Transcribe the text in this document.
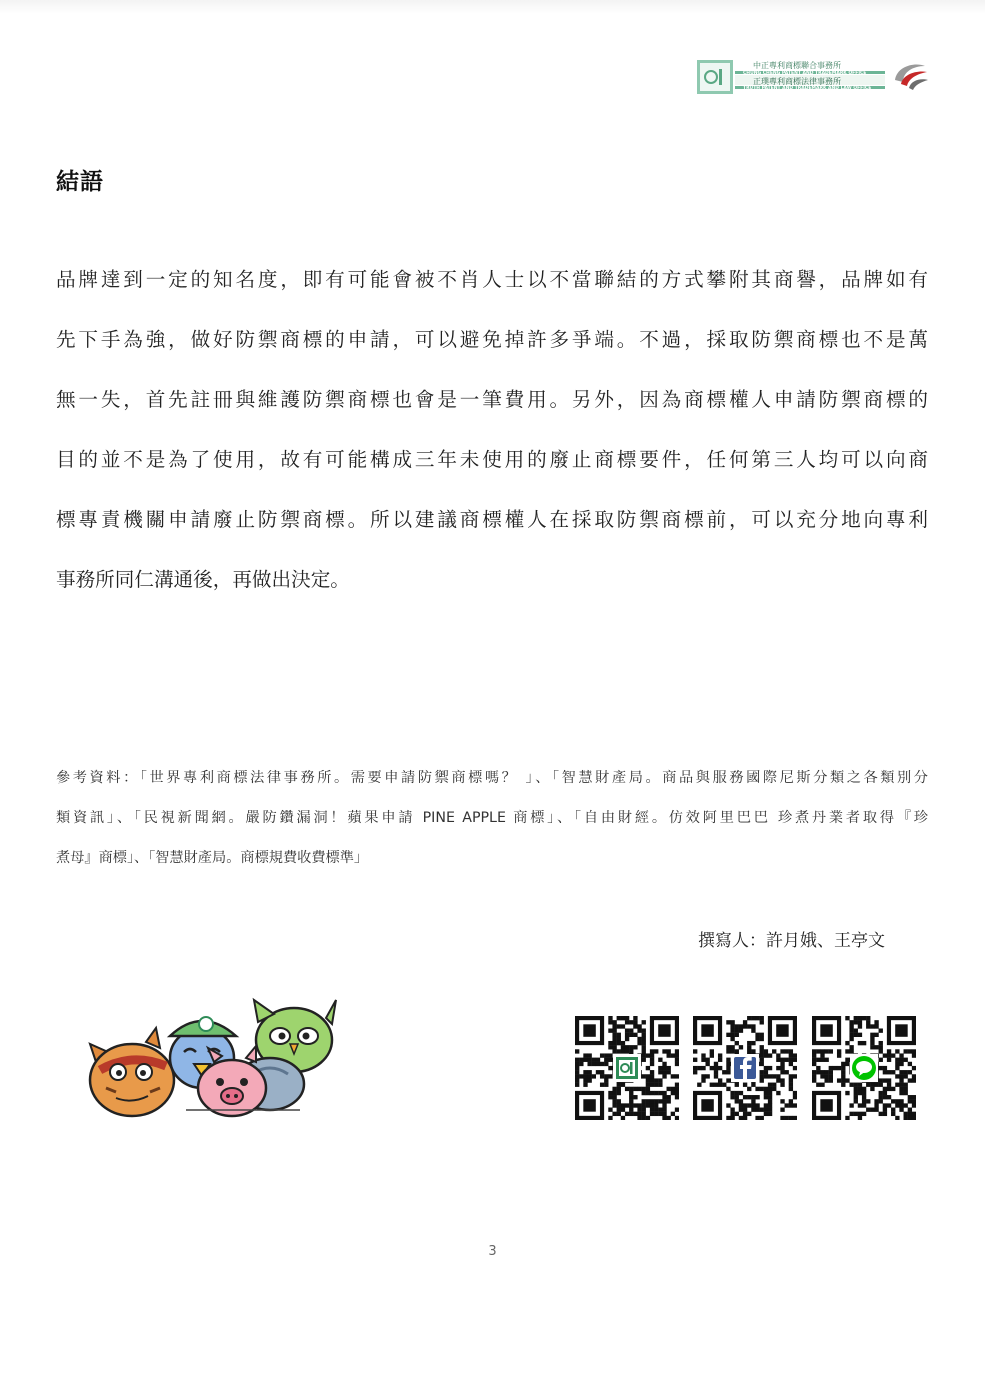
中正專利商標聯合事務所
CHUNG CHENG PATENT AND TRADEMARK OFFICE
正璞專利商標法律事務所
TRUTH PATENT AND TRADEMARK AND LAW OFFICE
結語
品牌達到一定的知名度，即有可能會被不肖人士以不當聯結的方式攀附其商譽，品牌如有
先下手為強，做好防禦商標的申請，可以避免掉許多爭端。不過，採取防禦商標也不是萬
無一失，首先註冊與維護防禦商標也會是一筆費用。另外，因為商標權人申請防禦商標的
目的並不是為了使用，故有可能構成三年未使用的廢止商標要件，任何第三人均可以向商
標專責機關申請廢止防禦商標。所以建議商標權人在採取防禦商標前，可以充分地向專利
事務所同仁溝通後，再做出決定。
參考資料：「世界專利商標法律事務所。需要申請防禦商標嗎？ 」、「智慧財產局。商品與服務國際尼斯分類之各類別分
類資訊」、「民視新聞網。嚴防鑽漏洞！蘋果申請 PINE APPLE 商標」、「自由財經。仿效阿里巴巴 珍煮丹業者取得『珍
煮母』商標」、「智慧財產局。商標規費收費標準」
撰寫人：許月娥、王亭文
3
